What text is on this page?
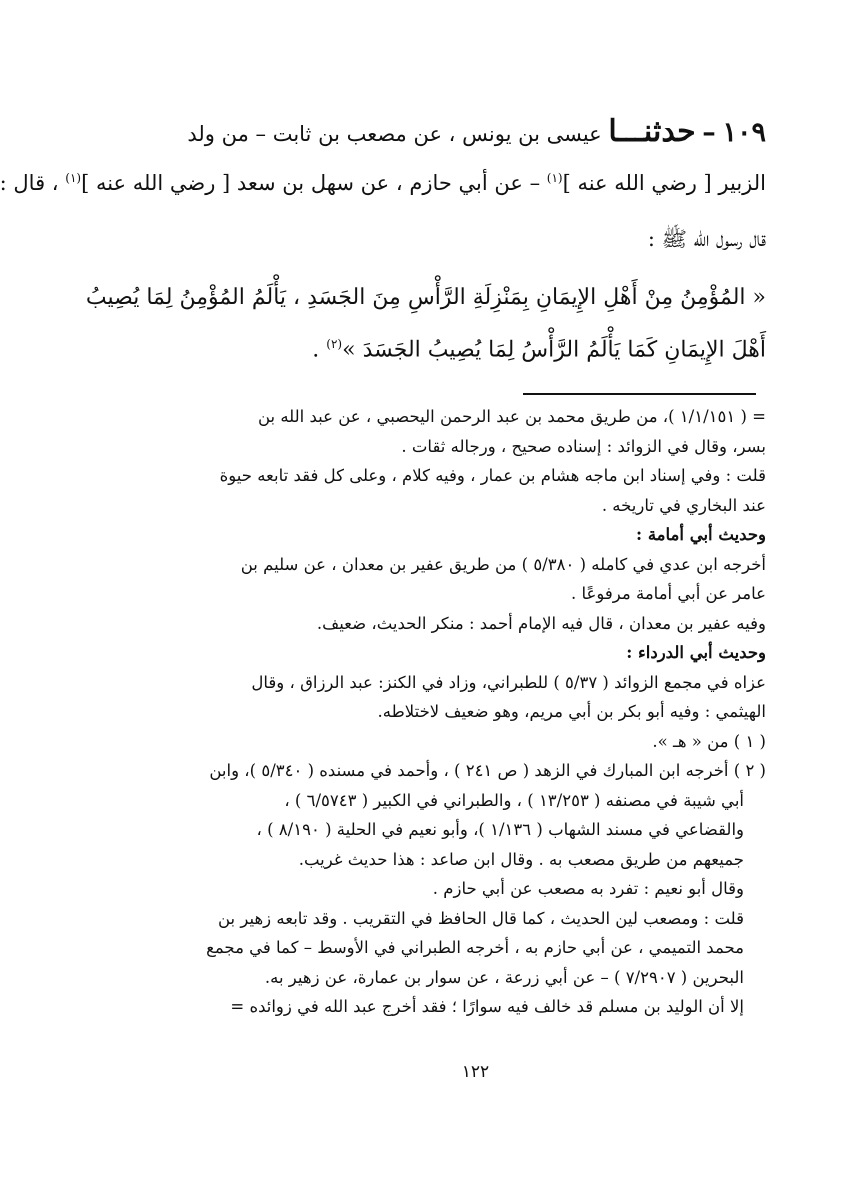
١٠٩ – حدثنـــا عيسى بن يونس ، عن مصعب بن ثابت – من ولد
الزبير [ رضي الله عنه ]$^{(١)}$ – عن أبي حازم ، عن سهل بن سعد [ رضي الله عنه ]$^{(١)}$ ، قال :
قال رسول الله ﷺ :
« المُؤْمِنُ مِنْ أَهْلِ الإِيمَانِ بِمَنْزِلَةِ الرَّأْسِ مِنَ الجَسَدِ ، يَأْلَمُ المُؤْمِنُ لِمَا يُصِيبُ
أَهْلَ الإِيمَانِ كَمَا يَأْلَمُ الرَّأْسُ لِمَا يُصِيبُ الجَسَدَ »$^{(٢)}$ .

= ( ١/١/١٥١ )، من طريق محمد بن عبد الرحمن اليحصبي ، عن عبد الله بن

بسر، وقال في الزوائد : إسناده صحيح ، ورجاله ثقات .

قلت : وفي إسناد ابن ماجه هشام بن عمار ، وفيه كلام ، وعلى كل فقد تابعه حيوة

عند البخاري في تاريخه .

وحديث أبي أمامة :

أخرجه ابن عدي في كامله ( ٥/٣٨٠ ) من طريق عفير بن معدان ، عن سليم بن

عامر عن أبي أمامة مرفوعًا .

وفيه عفير بن معدان ، قال فيه الإمام أحمد : منكر الحديث، ضعيف.

وحديث أبي الدرداء :

عزاه في مجمع الزوائد ( ٥/٣٧ ) للطبراني، وزاد في الكنز: عبد الرزاق ، وقال

الهيثمي : وفيه أبو بكر بن أبي مريم، وهو ضعيف لاختلاطه.

( ١ ) من « هـ ».

( ٢ ) أخرجه ابن المبارك في الزهد ( ص ٢٤١ ) ، وأحمد في مسنده ( ٥/٣٤٠ )، وابن

أبي شيبة في مصنفه ( ١٣/٢٥٣ ) ، والطبراني في الكبير ( ٦/٥٧٤٣ ) ،

والقضاعي في مسند الشهاب ( ١/١٣٦ )، وأبو نعيم في الحلية ( ٨/١٩٠ ) ،

جميعهم من طريق مصعب به . وقال ابن صاعد : هذا حديث غريب.

وقال أبو نعيم : تفرد به مصعب عن أبي حازم .

قلت : ومصعب لين الحديث ، كما قال الحافظ في التقريب . وقد تابعه زهير بن

محمد التميمي ، عن أبي حازم به ، أخرجه الطبراني في الأوسط – كما في مجمع

البحرين ( ٧/٢٩٠٧ ) – عن أبي زرعة ، عن سوار بن عمارة، عن زهير به.

إلا أن الوليد بن مسلم قد خالف فيه سوارًا ؛ فقد أخرج عبد الله في زوائده =

١٢٢
